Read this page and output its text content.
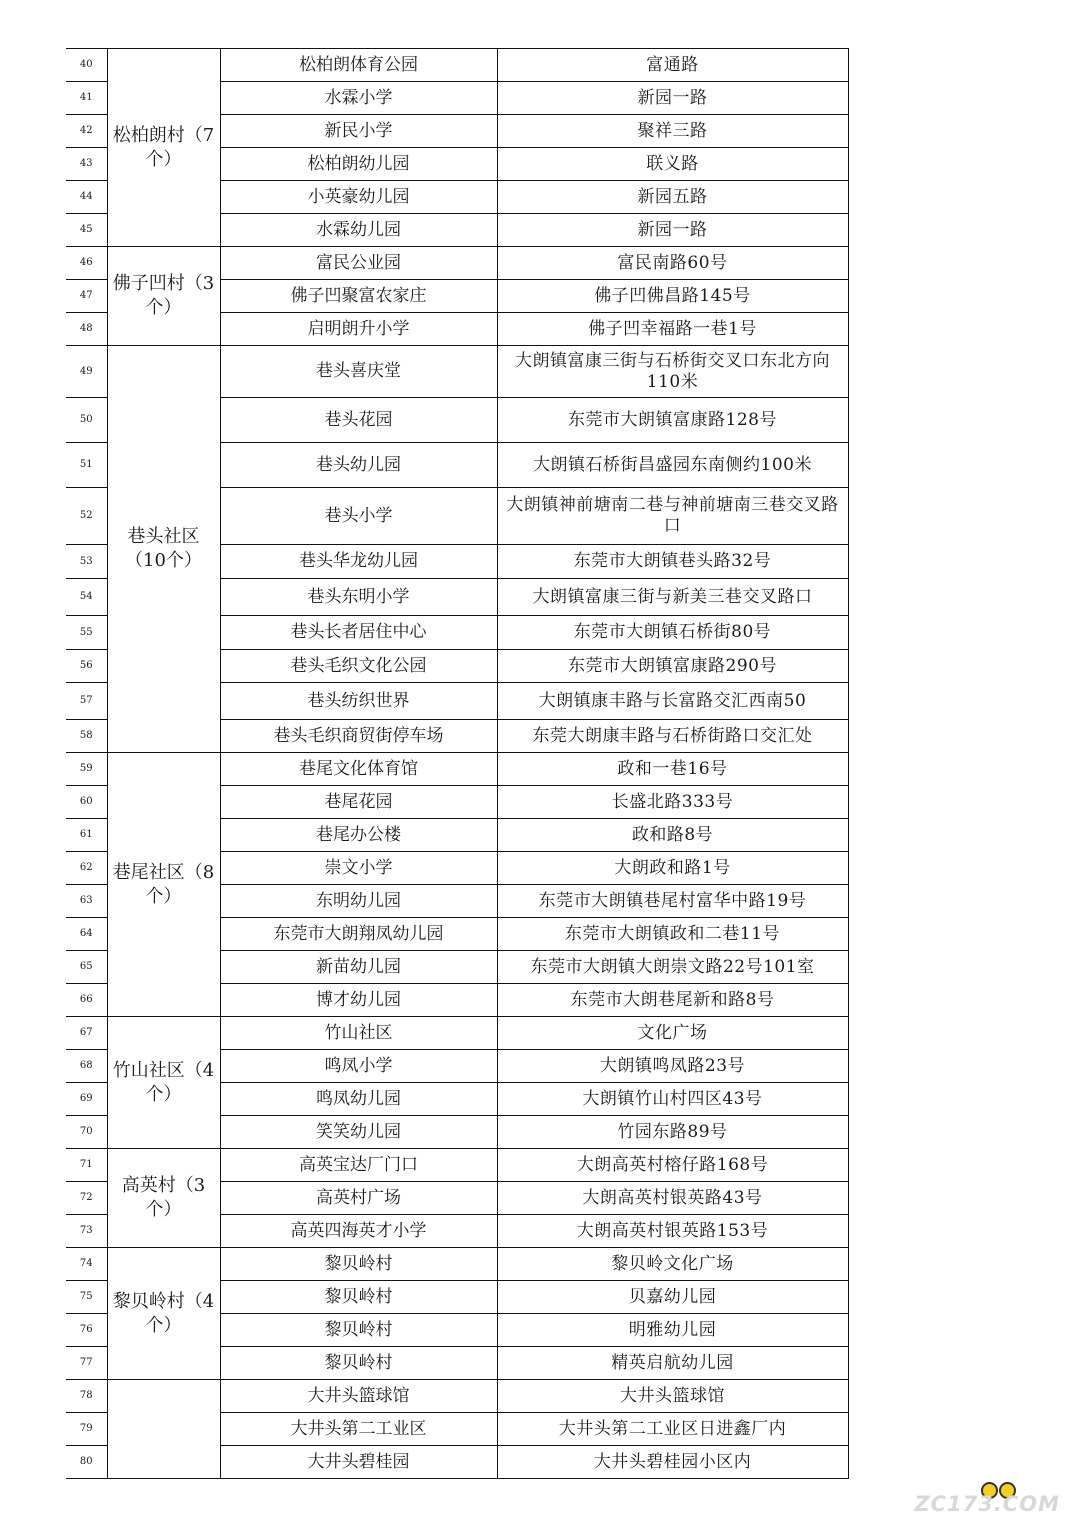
40	松柏朗村（7个）	松柏朗体育公园	富通路
41		水霖小学	新园一路
42		新民小学	聚祥三路
43		松柏朗幼儿园	联义路
44		小英豪幼儿园	新园五路
45		水霖幼儿园	新园一路
46	佛子凹村（3个）	富民公业园	富民南路60号
47		佛子凹聚富农家庄	佛子凹佛昌路145号
48		启明朗升小学	佛子凹幸福路一巷1号
49	巷头社区（10个）	巷头喜庆堂	大朗镇富康三街与石桥街交叉口东北方向110米
50		巷头花园	东莞市大朗镇富康路128号
51		巷头幼儿园	大朗镇石桥街昌盛园东南侧约100米
52		巷头小学	大朗镇神前塘南二巷与神前塘南三巷交叉路口
53		巷头华龙幼儿园	东莞市大朗镇巷头路32号
54		巷头东明小学	大朗镇富康三街与新美三巷交叉路口
55		巷头长者居住中心	东莞市大朗镇石桥街80号
56		巷头毛织文化公园	东莞市大朗镇富康路290号
57		巷头纺织世界	大朗镇康丰路与长富路交汇西南50
58		巷头毛织商贸街停车场	东莞大朗康丰路与石桥街路口交汇处
59	巷尾社区（8个）	巷尾文化体育馆	政和一巷16号
60		巷尾花园	长盛北路333号
61		巷尾办公楼	政和路8号
62		崇文小学	大朗政和路1号
63		东明幼儿园	东莞市大朗镇巷尾村富华中路19号
64		东莞市大朗翔凤幼儿园	东莞市大朗镇政和二巷11号
65		新苗幼儿园	东莞市大朗镇大朗崇文路22号101室
66		博才幼儿园	东莞市大朗巷尾新和路8号
67	竹山社区（4个）	竹山社区	文化广场
68		鸣凤小学	大朗镇鸣凤路23号
69		鸣凤幼儿园	大朗镇竹山村四区43号
70		笑笑幼儿园	竹园东路89号
71	高英村（3个）	高英宝达厂门口	大朗高英村榕仔路168号
72		高英村广场	大朗高英村银英路43号
73		高英四海英才小学	大朗高英村银英路153号
74	黎贝岭村（4个）	黎贝岭村	黎贝岭文化广场
75		黎贝岭村	贝嘉幼儿园
76		黎贝岭村	明雅幼儿园
77		黎贝岭村	精英启航幼儿园
78		大井头篮球馆	大井头篮球馆
79		大井头第二工业区	大井头第二工业区日进鑫厂内
80		大井头碧桂园	大井头碧桂园小区内
ZC173.COM
